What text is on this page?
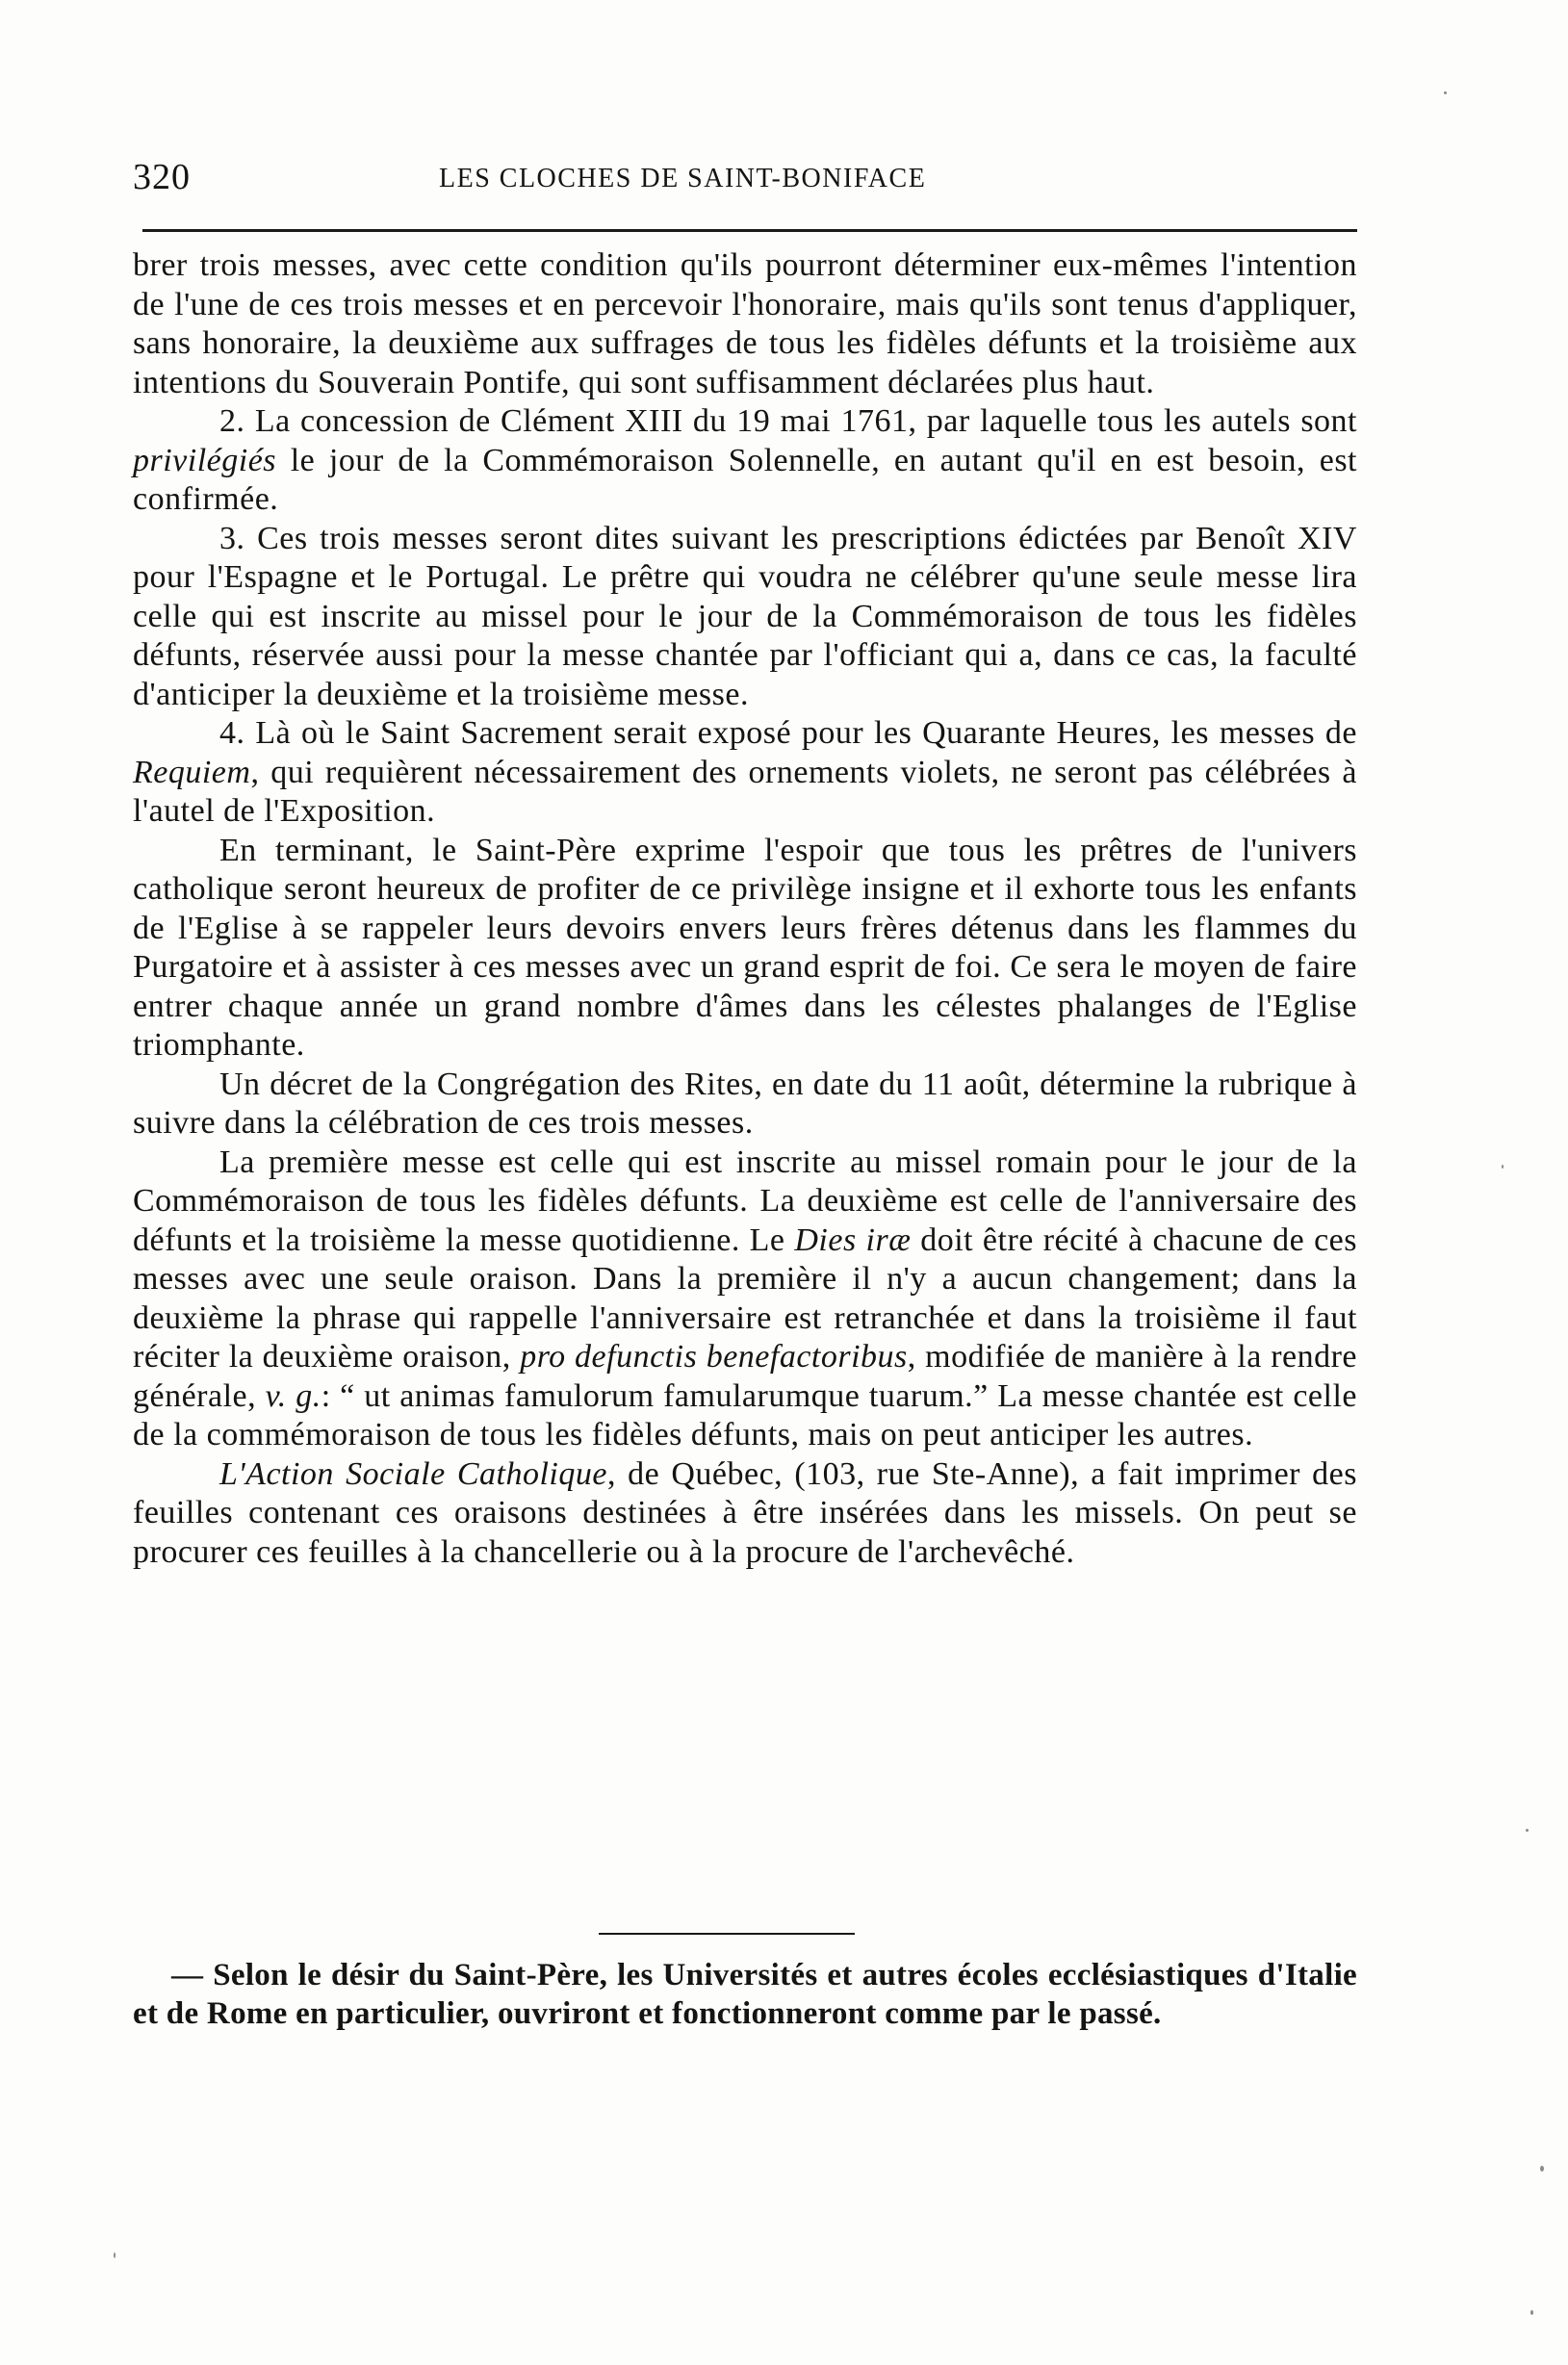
320	LES CLOCHES DE SAINT-BONIFACE

brer trois messes, avec cette condition qu'ils pourront déterminer eux-mêmes l'intention de l'une de ces trois messes et en percevoir l'honoraire, mais qu'ils sont tenus d'appliquer, sans honoraire, la deuxième aux suffrages de tous les fidèles défunts et la troisième aux intentions du Souverain Pontife, qui sont suffisamment déclarées plus haut.

2. La concession de Clément XIII du 19 mai 1761, par laquelle tous les autels sont privilégiés le jour de la Commémoraison Solennelle, en autant qu'il en est besoin, est confirmée.

3. Ces trois messes seront dites suivant les prescriptions édictées par Benoît XIV pour l'Espagne et le Portugal. Le prêtre qui voudra ne célébrer qu'une seule messe lira celle qui est inscrite au missel pour le jour de la Commémoraison de tous les fidèles défunts, réservée aussi pour la messe chantée par l'officiant qui a, dans ce cas, la faculté d'anticiper la deuxième et la troisième messe.

4. Là où le Saint Sacrement serait exposé pour les Quarante Heures, les messes de Requiem, qui requièrent nécessairement des ornements violets, ne seront pas célébrées à l'autel de l'Exposition.

En terminant, le Saint-Père exprime l'espoir que tous les prêtres de l'univers catholique seront heureux de profiter de ce privilège insigne et il exhorte tous les enfants de l'Eglise à se rappeler leurs devoirs envers leurs frères détenus dans les flammes du Purgatoire et à assister à ces messes avec un grand esprit de foi. Ce sera le moyen de faire entrer chaque année un grand nombre d'âmes dans les célestes phalanges de l'Eglise triomphante.

Un décret de la Congrégation des Rites, en date du 11 août, détermine la rubrique à suivre dans la célébration de ces trois messes.

La première messe est celle qui est inscrite au missel romain pour le jour de la Commémoraison de tous les fidèles défunts. La deuxième est celle de l'anniversaire des défunts et la troisième la messe quotidienne. Le Dies iræ doit être récité à chacune de ces messes avec une seule oraison. Dans la première il n'y a aucun changement; dans la deuxième la phrase qui rappelle l'anniversaire est retranchée et dans la troisième il faut réciter la deuxième oraison, pro defunctis benefactoribus, modifiée de manière à la rendre générale, v. g.: “ ut animas famulorum famularumque tuarum.” La messe chantée est celle de la commémoraison de tous les fidèles défunts, mais on peut anticiper les autres.

L'Action Sociale Catholique, de Québec, (103, rue Ste-Anne), a fait imprimer des feuilles contenant ces oraisons destinées à être insérées dans les missels. On peut se procurer ces feuilles à la chancellerie ou à la procure de l'archevêché.

— Selon le désir du Saint-Père, les Universités et autres écoles ecclésiastiques d'Italie et de Rome en particulier, ouvriront et fonctionneront comme par le passé.
